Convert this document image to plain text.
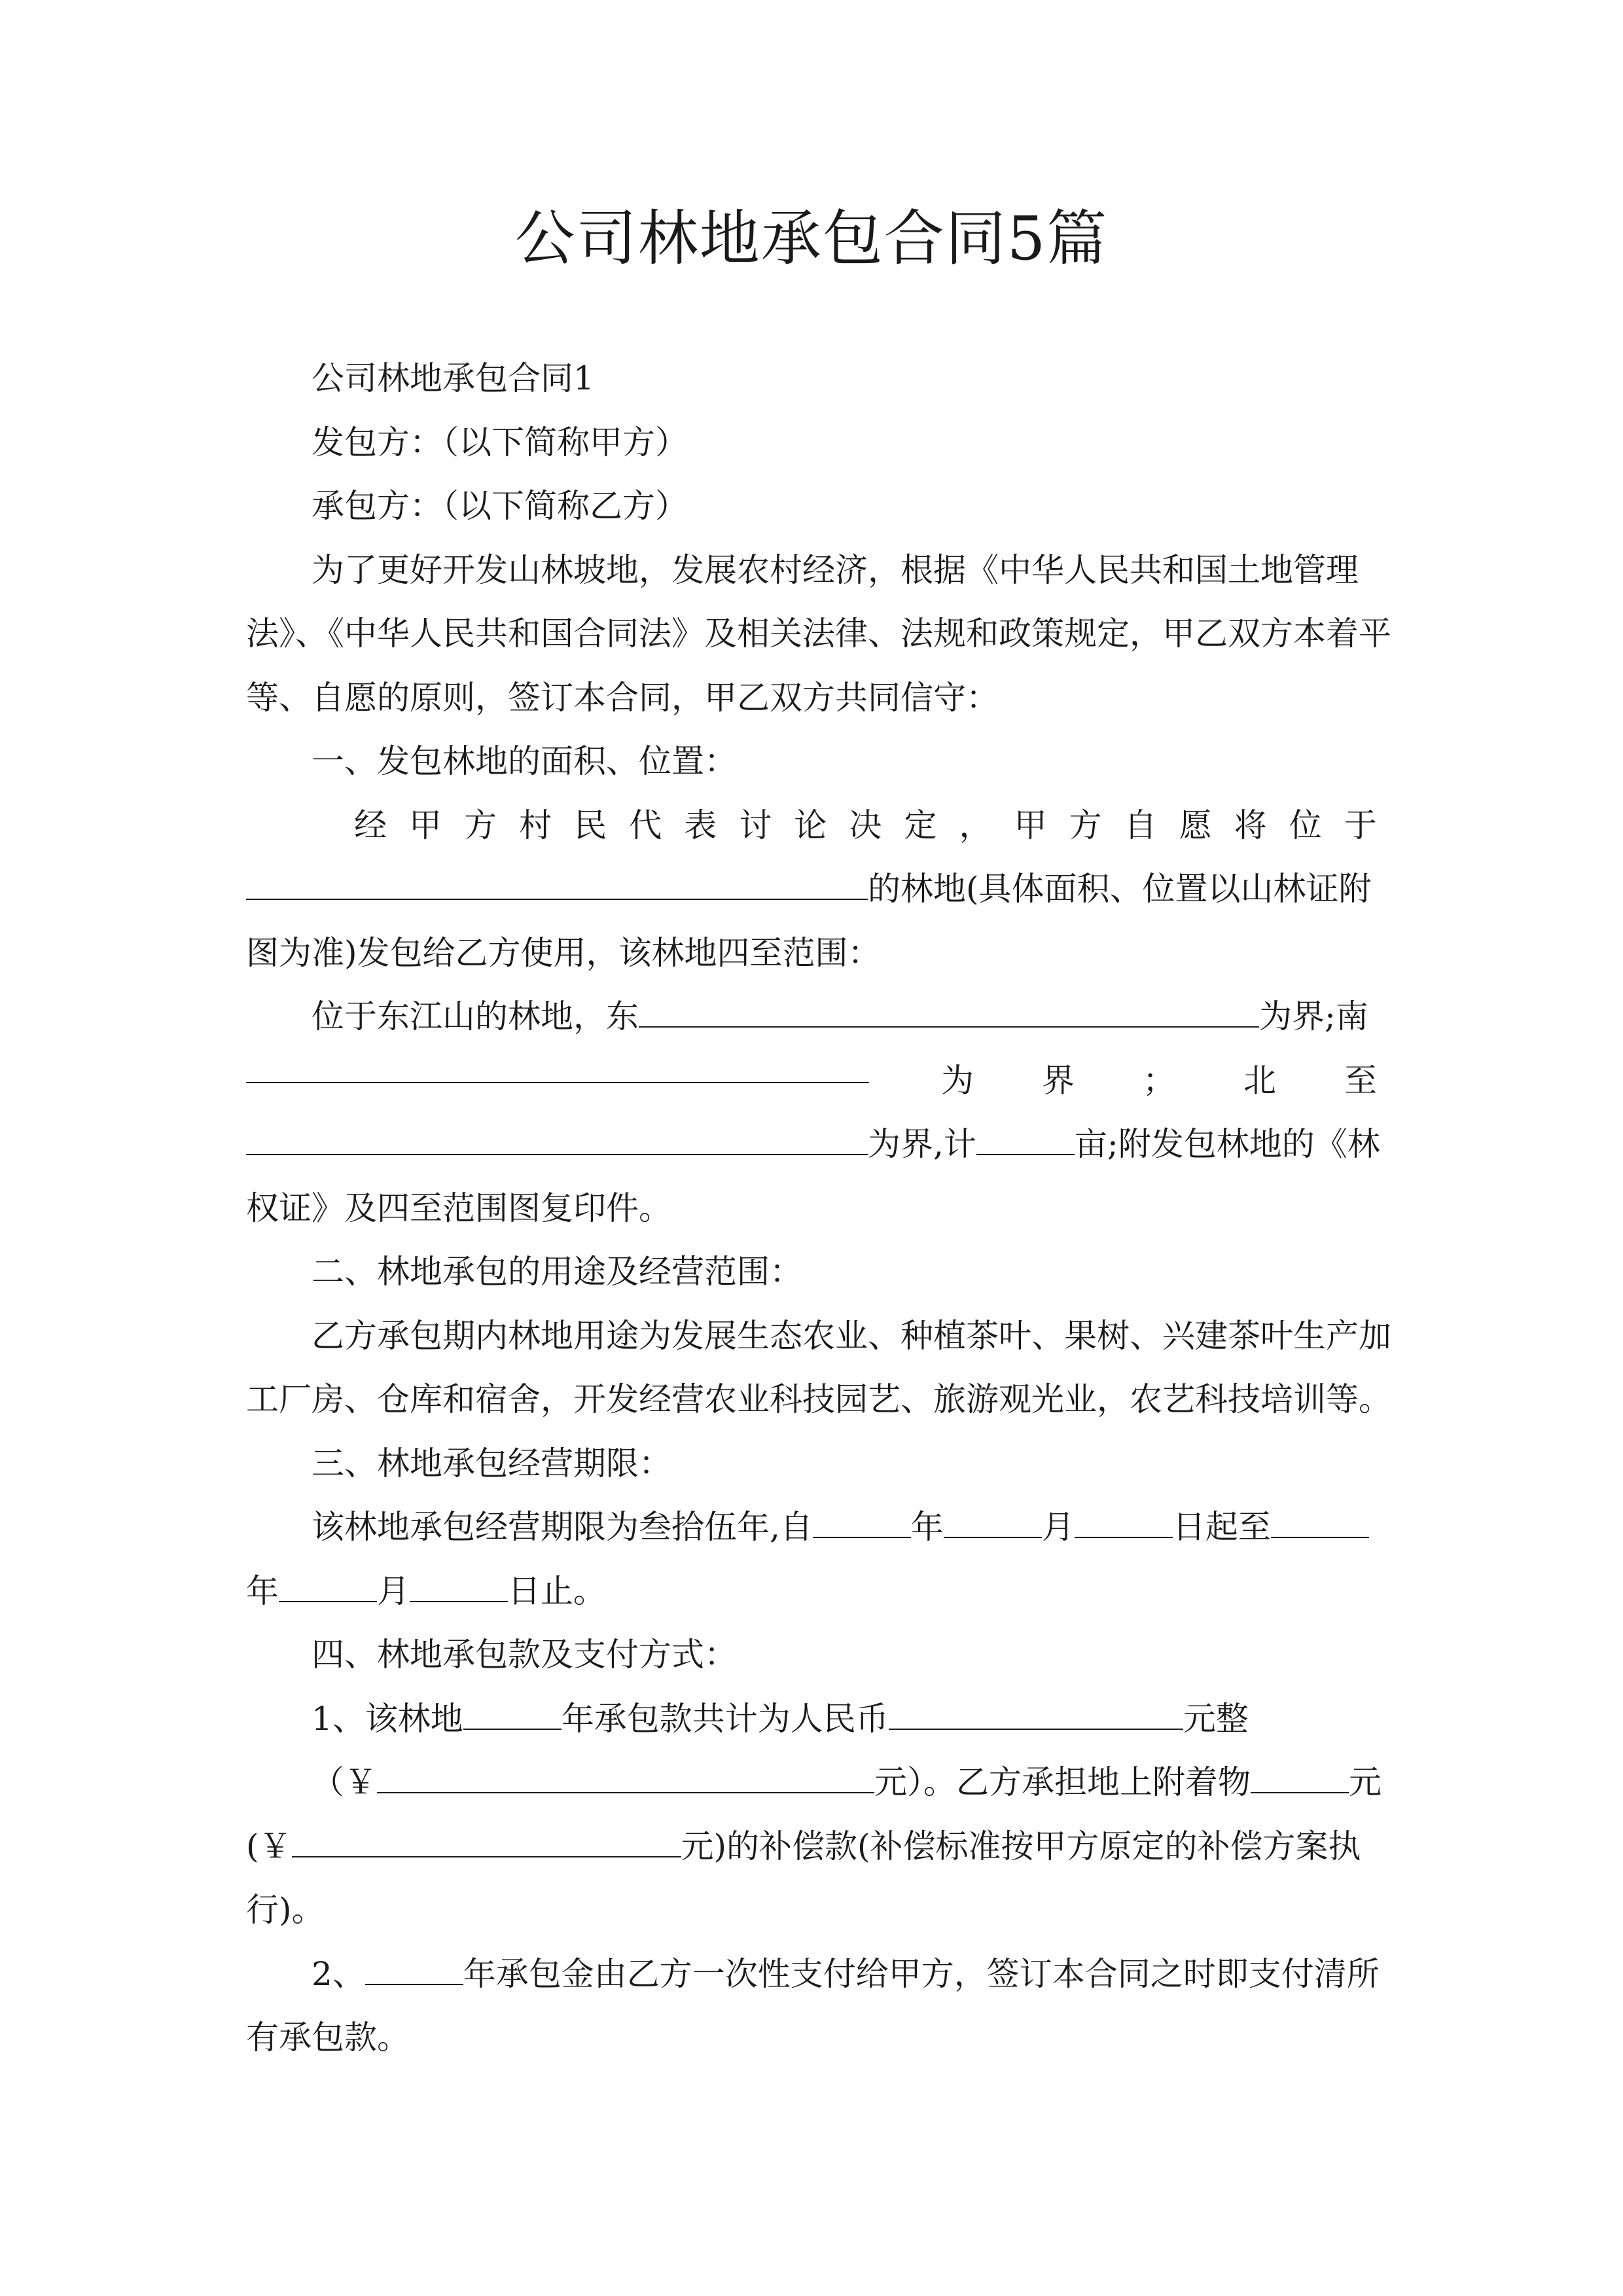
公司林地承包合同5篇
公司林地承包合同1
发包方：（以下简称甲方）
承包方：（以下简称乙方）
为了更好开发山林坡地，发展农村经济，根据《中华人民共和国土地管理
法》、《中华人民共和国合同法》及相关法律、法规和政策规定，甲乙双方本着平
等、自愿的原则，签订本合同，甲乙双方共同信守：
一、发包林地的面积、位置：
经 甲 方 村 民 代 表 讨 论 决 定 ， 甲 方 自 愿 将 位 于
的林地(具体面积、位置以山林证附
图为准)发包给乙方使用，该林地四至范围：
位于东江山的林地，东	为界;南
为 界 ； 北 至
为界,计	亩;附发包林地的《林
权证》及四至范围图复印件。
二、林地承包的用途及经营范围：
乙方承包期内林地用途为发展生态农业、种植茶叶、果树、兴建茶叶生产加
工厂房、仓库和宿舍，开发经营农业科技园艺、旅游观光业，农艺科技培训等。
三、林地承包经营期限：
该林地承包经营期限为叁拾伍年,自	年	月	日起至
年	月	日止。
四、林地承包款及支付方式：
1、该林地	年承包款共计为人民币	元整
（￥	元）。乙方承担地上附着物	元
(￥	元)的补偿款(补偿标准按甲方原定的补偿方案执
行)。
2、	年承包金由乙方一次性支付给甲方，签订本合同之时即支付清所
有承包款。
